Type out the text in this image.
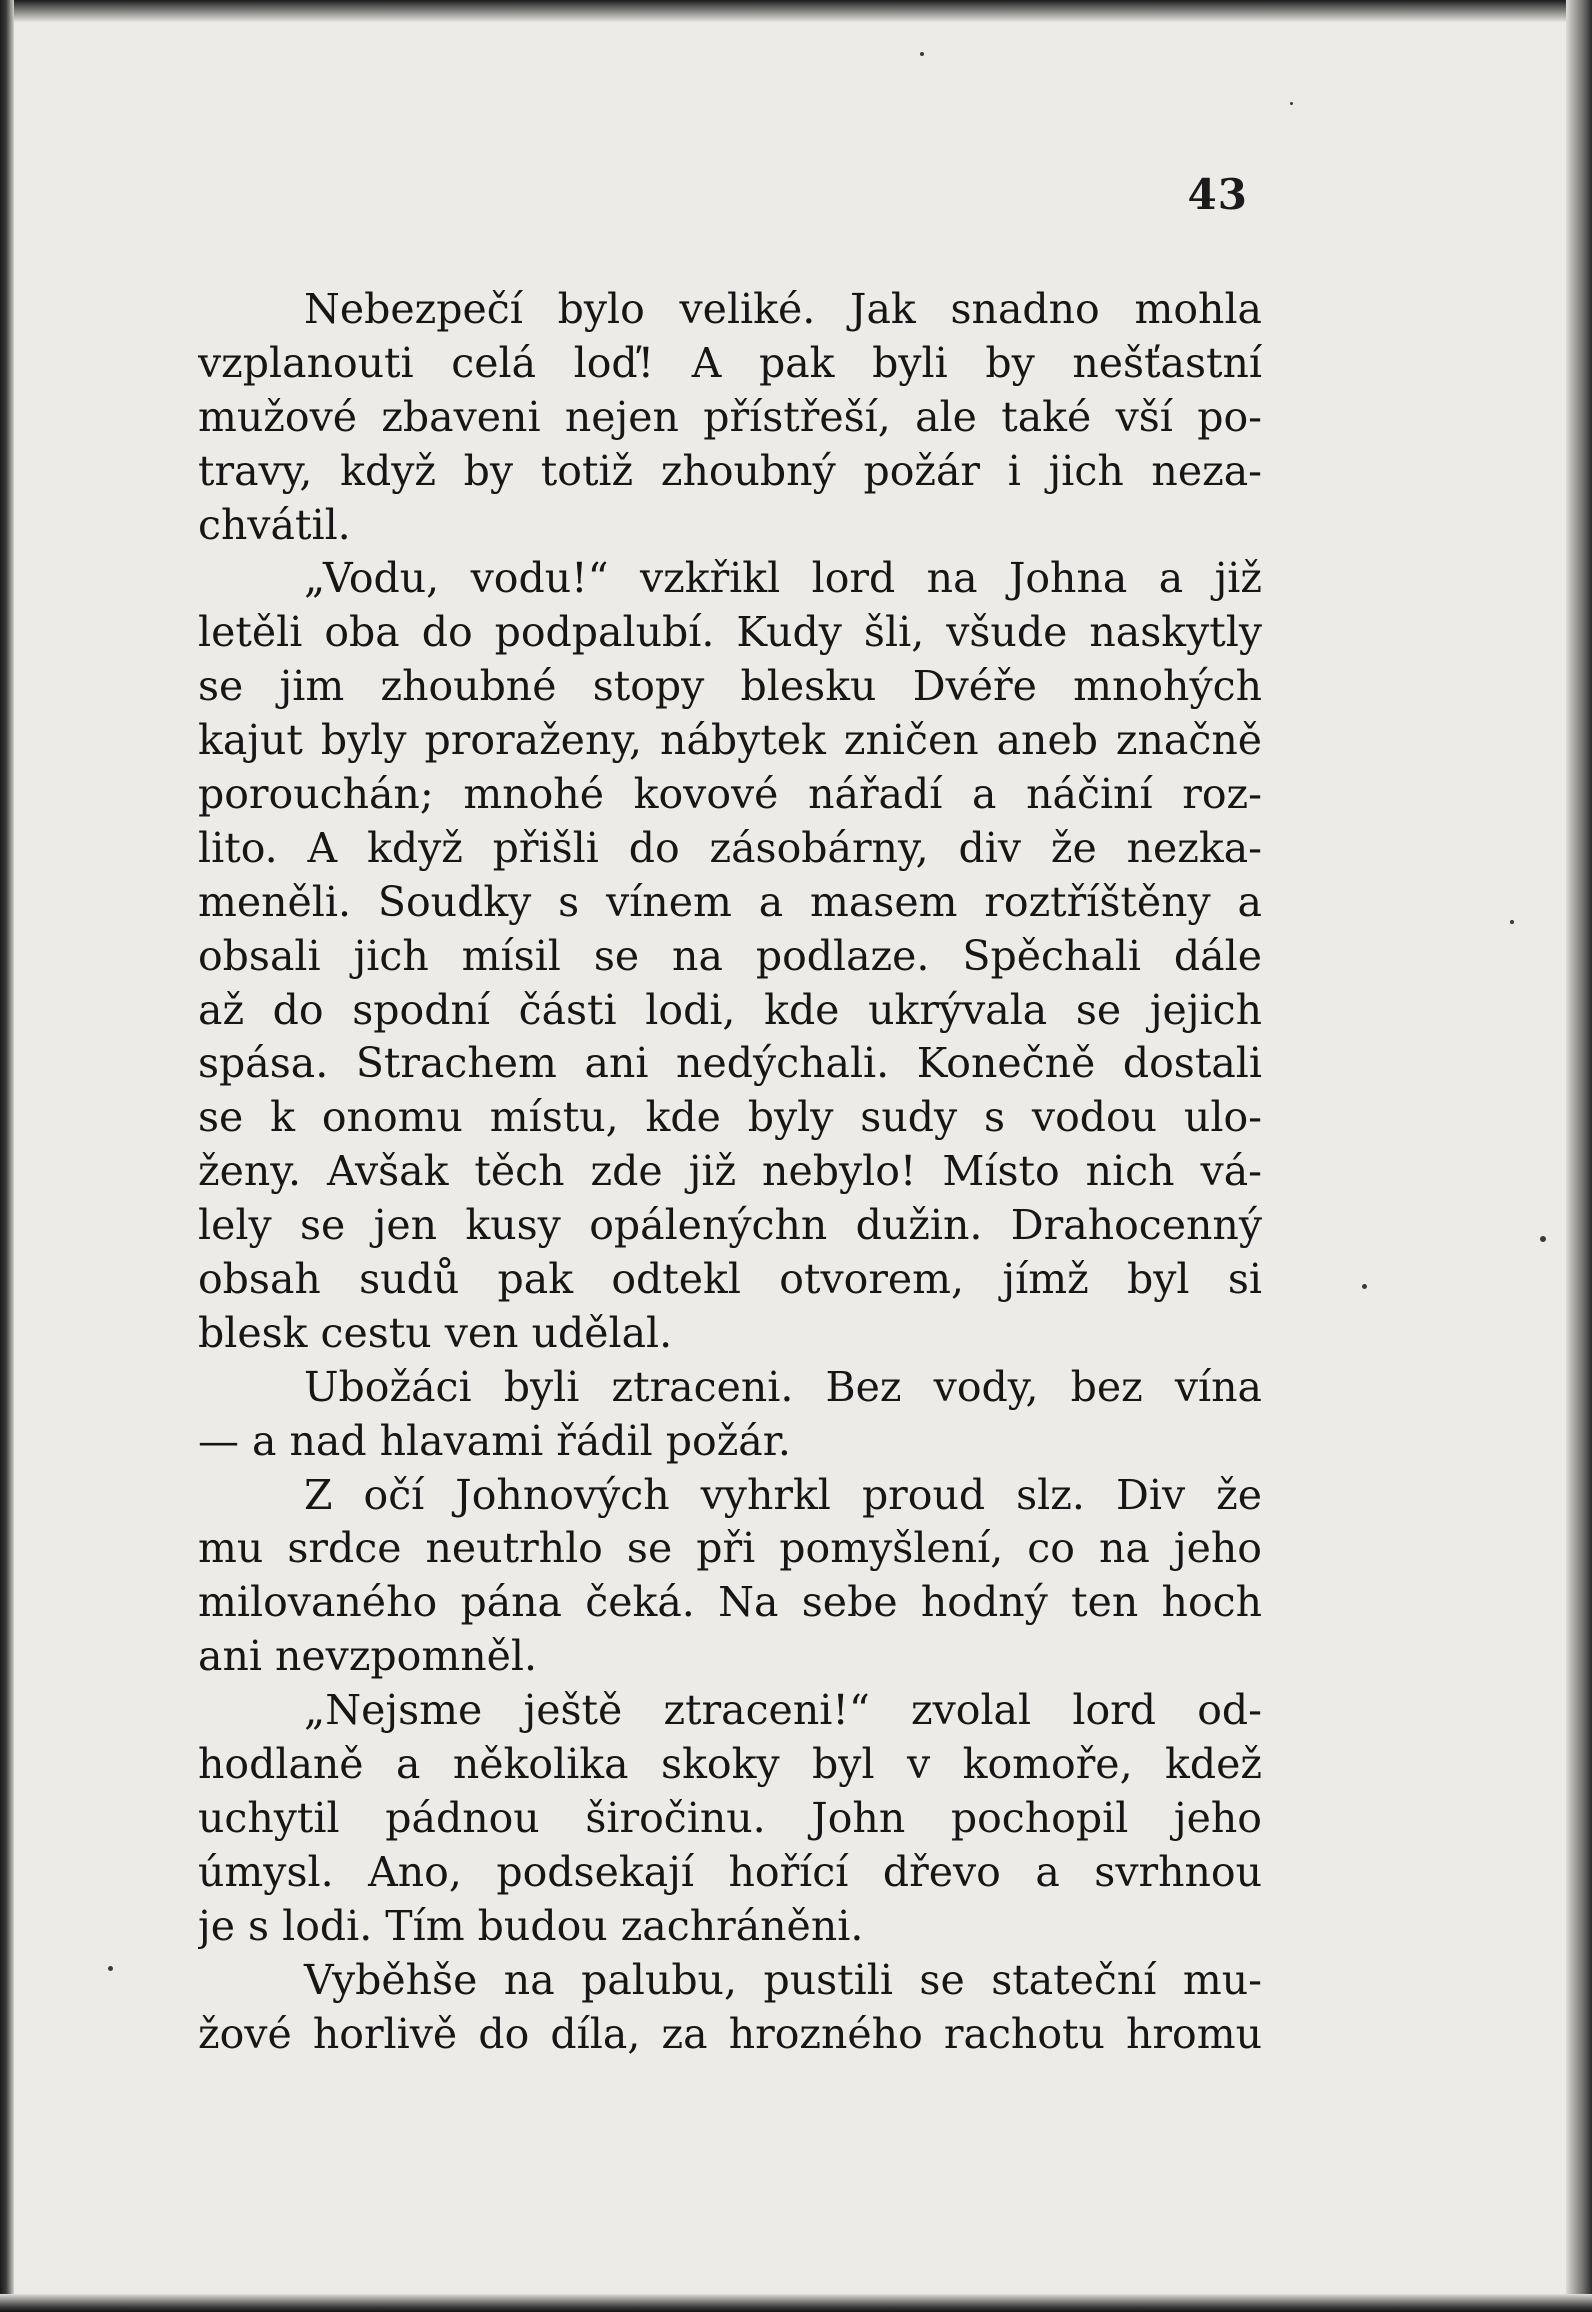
43
Nebezpečí bylo veliké. Jak snadno mohla
vzplanouti celá loď! A pak byli by nešťastní
mužové zbaveni nejen přístřeší, ale také vší po-
travy, když by totiž zhoubný požár i jich neza-
chvátil.
„Vodu, vodu!“ vzkřikl lord na Johna a již
letěli oba do podpalubí. Kudy šli, všude naskytly
se jim zhoubné stopy blesku Dvéře mnohých
kajut byly proraženy, nábytek zničen aneb značně
porouchán; mnohé kovové nářadí a náčiní roz-
lito. A když přišli do zásobárny, div že nezka-
meněli. Soudky s vínem a masem roztříštěny a
obsali jich mísil se na podlaze. Spěchali dále
až do spodní části lodi, kde ukrývala se jejich
spása. Strachem ani nedýchali. Konečně dostali
se k onomu místu, kde byly sudy s vodou ulo-
ženy. Avšak těch zde již nebylo! Místo nich vá-
lely se jen kusy opálenýchn dužin. Drahocenný
obsah sudů pak odtekl otvorem, jímž byl si
blesk cestu ven udělal.
Ubožáci byli ztraceni. Bez vody, bez vína
— a nad hlavami řádil požár.
Z očí Johnových vyhrkl proud slz. Div že
mu srdce neutrhlo se při pomyšlení, co na jeho
milovaného pána čeká. Na sebe hodný ten hoch
ani nevzpomněl.
„Nejsme ještě ztraceni!“ zvolal lord od-
hodlaně a několika skoky byl v komoře, kdež
uchytil pádnou širočinu. John pochopil jeho
úmysl. Ano, podsekají hořící dřevo a svrhnou
je s lodi. Tím budou zachráněni.
Vyběhše na palubu, pustili se stateční mu-
žové horlivě do díla, za hrozného rachotu hromu
